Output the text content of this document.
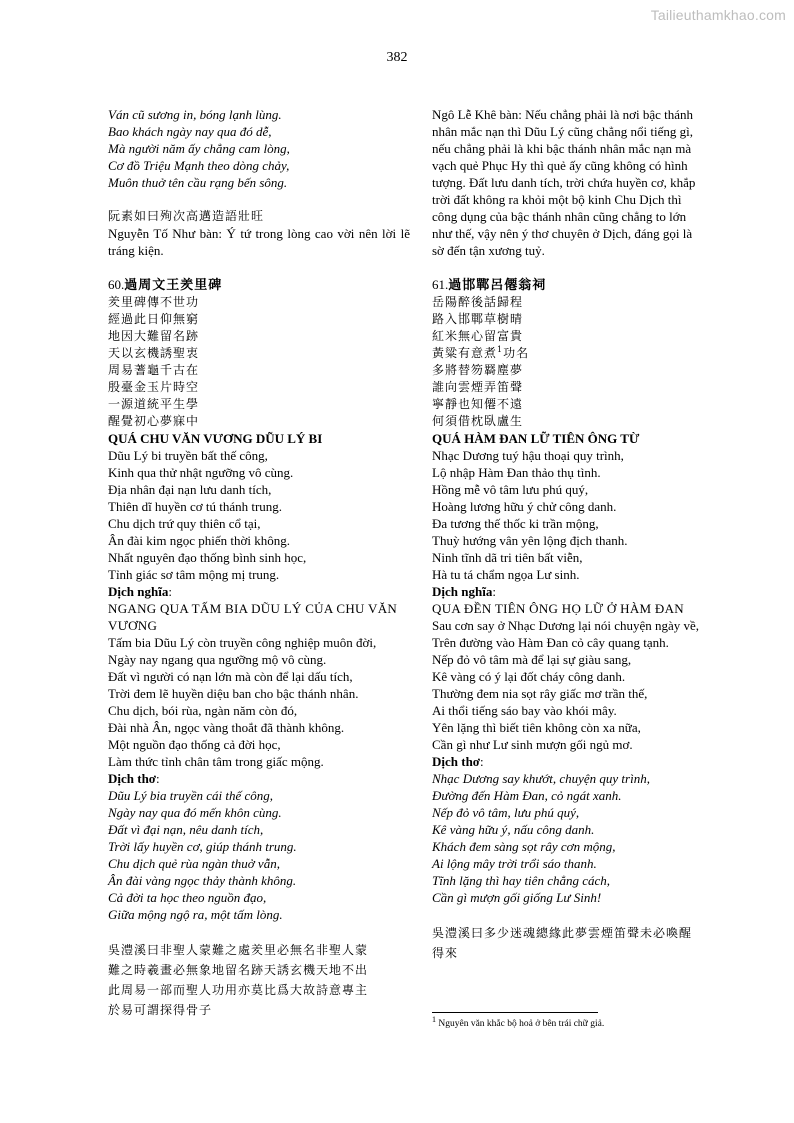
Tailieuthamkhao.com
382
Ván cũ sương in, bóng lạnh lùng.
Bao khách ngày nay qua đó dễ,
Mà người năm ấy chẳng cam lòng,
Cơ đồ Triệu Mạnh theo dòng chảy,
Muôn thuở tên cầu rạng bến sông.
阮素如曰殉次高邁造語壯旺
Nguyễn Tố Như bàn: Ý tứ trong lòng cao vời nên lời lẽ tráng kiện.
60.過周文王羑里碑
羑里碑傳不世功
經過此日仰無窮
地因大難留名跡
天以玄機誘聖衷
周易蓍龜千古在
殷臺金玉片時空
一源道統平生學
醒覺初心夢寐中
QUÁ CHU VĂN VƯƠNG DŨU LÝ BI
Dũu Lý bi truyền bất thế công,
Kinh qua thử nhật ngưỡng vô cùng.
Địa nhân đại nạn lưu danh tích,
Thiên dĩ huyền cơ tú thánh trung.
Chu dịch trứ quy thiên cổ tại,
Ân đài kim ngọc phiến thời không.
Nhất nguyên đạo thống bình sinh học,
Tỉnh giác sơ tâm mộng mị trung.
Dịch nghĩa:
NGANG QUA TẤM BIA DŨU LÝ CỦA CHU VĂN VƯƠNG
Tấm bia Dũu Lý còn truyền công nghiệp muôn đời,
Ngày nay ngang qua ngưỡng mộ vô cùng.
Đất vì người có nạn lớn mà còn để lại dấu tích,
Trời đem lẽ huyền diệu ban cho bậc thánh nhân.
Chu dịch, bói rùa, ngàn năm còn đó,
Đài nhà Ân, ngọc vàng thoắt đã thành không.
Một nguồn đạo thống cả đời học,
Làm thức tỉnh chân tâm trong giấc mộng.
Dịch thơ:
Dũu Lý bia truyền cái thế công,
Ngày nay qua đó mến khôn cùng.
Đất vì đại nạn, nêu danh tích,
Trời lấy huyền cơ, giúp thánh trung.
Chu dịch quẻ rùa ngàn thuở vẫn,
Ân đài vàng ngọc thảy thành không.
Cả đời ta học theo nguồn đạo,
Giữa mộng ngộ ra, một tấm lòng.
吳澧溪曰非聖人蒙難之處羑里必無名非聖人蒙
難之時羲畫必無象地留名跡天誘玄機天地不出
此周易一部而聖人功用亦莫比爲大故詩意專主
於易可謂探得骨子
Ngô Lễ Khê bàn: Nếu chẳng phải là nơi bậc thánh
nhân mắc nạn thì Dũu Lý cũng chẳng nổi tiếng gì,
nếu chẳng phải là khi bậc thánh nhân mắc nạn mà
vạch quẻ Phục Hy thì quẻ ấy cũng không có hình
tượng. Đất lưu danh tích, trời chứa huyền cơ, khắp
trời đất không ra khỏi một bộ kinh Chu Dịch thì
công dụng của bậc thánh nhân cũng chẳng to lớn
như thế, vậy nên ý thơ chuyên ở Dịch, đáng gọi là
sờ đến tận xương tuỷ.
61.過邯鄲呂僊翁祠
岳陽醉後話歸程
路入邯鄲草樹晴
紅米無心留富貴
黃粱有意煮$^1$功名
多將替笏羇塵夢
誰向雲煙弄笛聲
寧靜也知僊不遠
何須借枕臥盧生
QUÁ HÀM ĐAN LỮ TIÊN ÔNG TỪ
Nhạc Dương tuý hậu thoại quy trình,
Lộ nhập Hàm Đan thảo thụ tình.
Hồng mễ vô tâm lưu phú quý,
Hoàng lương hữu ý chử công danh.
Đa tương thế thốc ki trần mộng,
Thuỳ hướng vân yên lộng địch thanh.
Ninh tĩnh dã tri tiên bất viễn,
Hà tu tá chẩm ngọa Lư sinh.
Dịch nghĩa:
QUA ĐỀN TIÊN ÔNG HỌ LỮ Ở HÀM ĐAN
Sau cơn say ở Nhạc Dương lại nói chuyện ngày về,
Trên đường vào Hàm Đan cỏ cây quang tạnh.
Nếp đỏ vô tâm mà để lại sự giàu sang,
Kê vàng có ý lại đốt cháy công danh.
Thường đem nia sọt rây giấc mơ trần thế,
Ai thổi tiếng sáo bay vào khói mây.
Yên lặng thì biết tiên không còn xa nữa,
Cần gì như Lư sinh mượn gối ngủ mơ.
Dịch thơ:
Nhạc Dương say khướt, chuyện quy trình,
Đường đến Hàm Đan, cỏ ngát xanh.
Nếp đỏ vô tâm, lưu phú quý,
Kê vàng hữu ý, nấu công danh.
Khách đem sàng sọt rây cơn mộng,
Ai lộng mây trời trổi sáo thanh.
Tĩnh lặng thì hay tiên chẳng cách,
Cần gì mượn gối giống Lư Sinh!
吳澧溪曰多少迷魂總緣此夢雲煙笛聲未必喚醒
得來
$^1$ Nguyên văn khắc bộ hoả ở bên trái chữ giả.
